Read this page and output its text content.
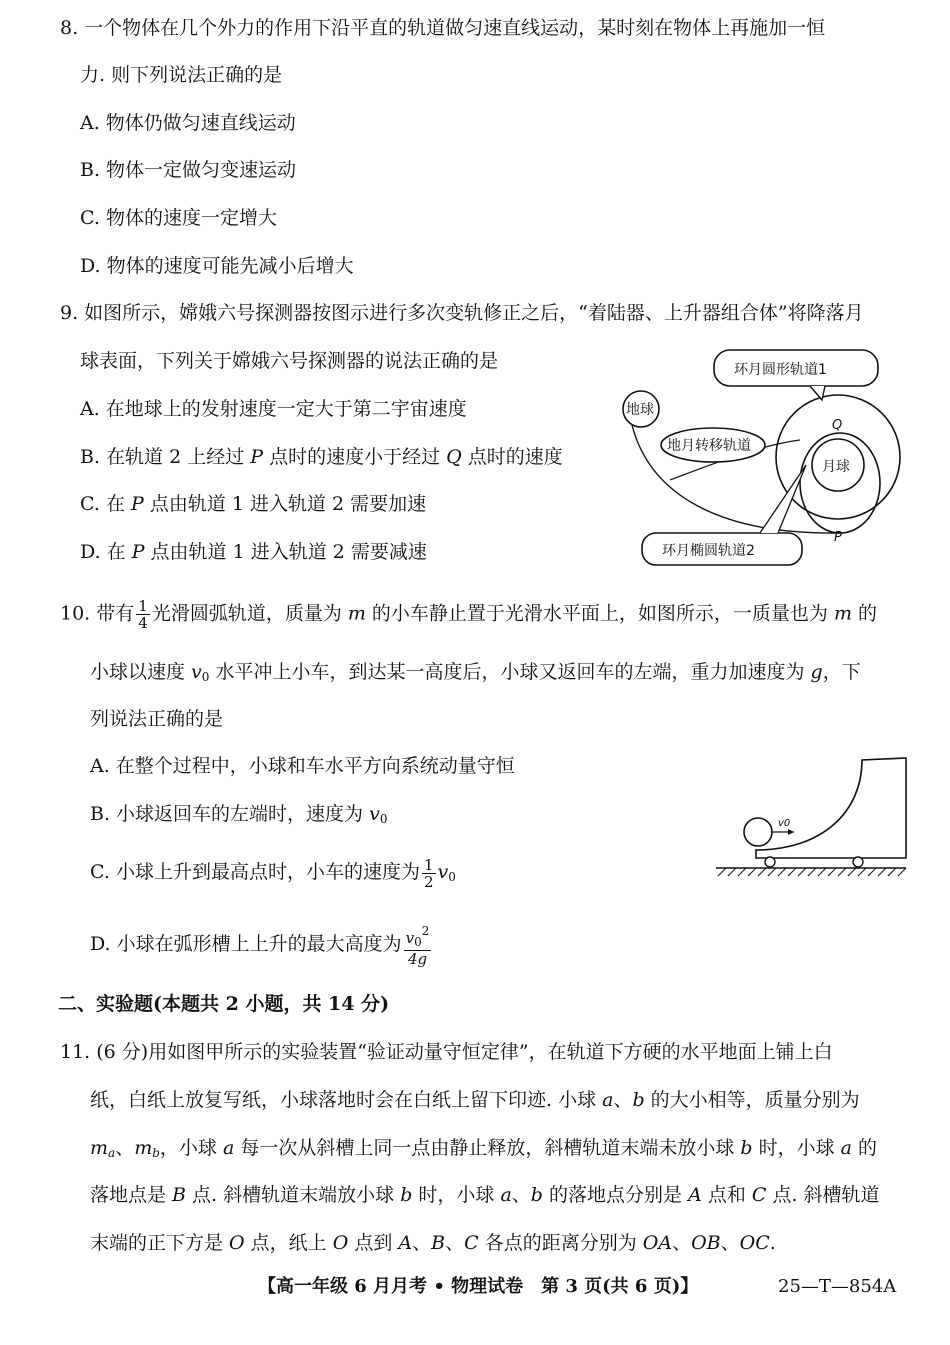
8. 一个物体在几个外力的作用下沿平直的轨道做匀速直线运动，某时刻在物体上再施加一恒
力. 则下列说法正确的是
A. 物体仍做匀速直线运动
B. 物体一定做匀变速运动
C. 物体的速度一定增大
D. 物体的速度可能先减小后增大
9. 如图所示，嫦娥六号探测器按图示进行多次变轨修正之后，“着陆器、上升器组合体”将降落月
球表面，下列关于嫦娥六号探测器的说法正确的是
A. 在地球上的发射速度一定大于第二宇宙速度
B. 在轨道 2 上经过 P 点时的速度小于经过 Q 点时的速度
C. 在 P 点由轨道 1 进入轨道 2 需要加速
D. 在 P 点由轨道 1 进入轨道 2 需要减速
月球
地球
环月圆形轨道1
地月转移轨道
环月椭圆轨道2
Q
P
10. 带有 $\frac{1}{4}$ 光滑圆弧轨道，质量为 m 的小车静止置于光滑水平面上，如图所示，一质量也为 m 的
小球以速度 $v_0$ 水平冲上小车，到达某一高度后，小球又返回车的左端，重力加速度为 g，下
列说法正确的是
A. 在整个过程中，小球和车水平方向系统动量守恒
B. 小球返回车的左端时，速度为 $v_0$
C. 小球上升到最高点时，小车的速度为 $\frac{1}{2} v_0$
D. 小球在弧形槽上上升的最大高度为 $\frac{v_0^2}{4g}$
v0
二、实验题(本题共 2 小题，共 14 分)
11. (6 分)用如图甲所示的实验装置“验证动量守恒定律”，在轨道下方硬的水平地面上铺上白
纸，白纸上放复写纸，小球落地时会在白纸上留下印迹. 小球 a、b 的大小相等，质量分别为
$m_a$、$m_b$，小球 a 每一次从斜槽上同一点由静止释放，斜槽轨道末端未放小球 b 时，小球 a 的
落地点是 B 点. 斜槽轨道末端放小球 b 时，小球 a、b 的落地点分别是 A 点和 C 点. 斜槽轨道
末端的正下方是 O 点，纸上 O 点到 A、B、C 各点的距离分别为 OA、OB、OC.
【高一年级 6 月月考 • 物理试卷　第 3 页(共 6 页)】	25—T—854A
